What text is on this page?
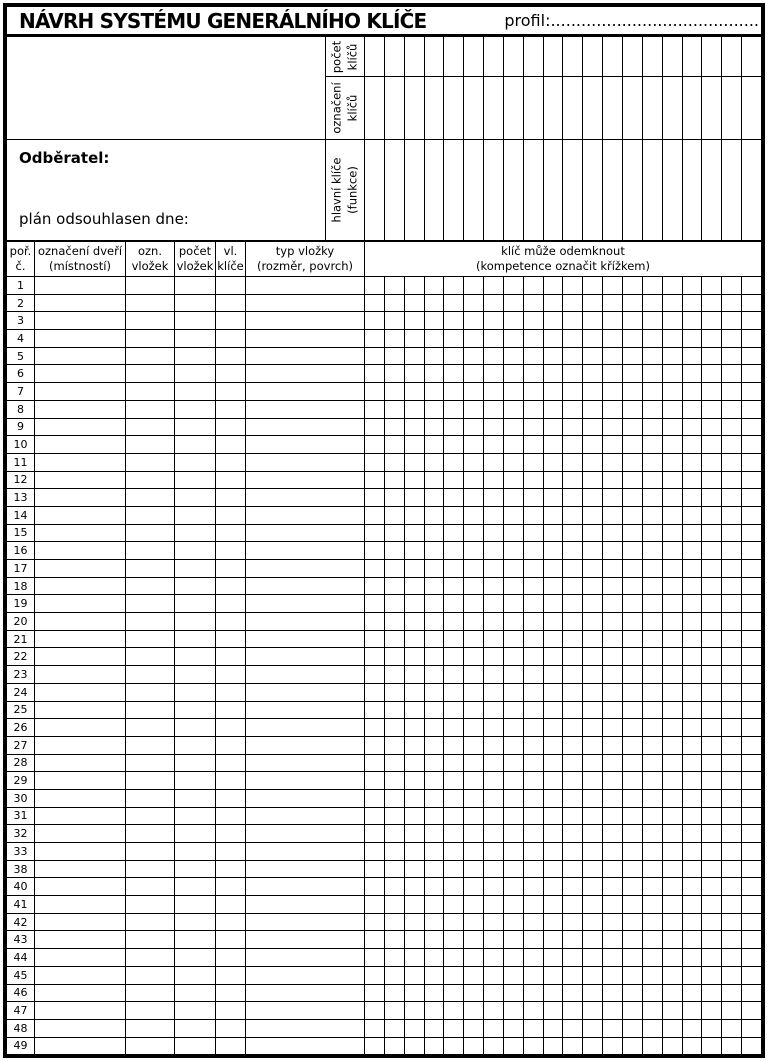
NÁVRH SYSTÉMU GENERÁLNÍHO KLÍČE	profil:.........................................
Odběratel:
plán odsouhlasen dne:
počet klíčů
označení klíčů
hlavní klíče (funkce)
poř.
č.
označení dveří
(místností)
ozn.
vložek
počet
vložek
vl.
klíče
typ vložky
(rozměr, povrch)
klíč může odemknout
(kompetence označit křížkem)
1
2
3
4
5
6
7
8
9
10
11
12
13
14
15
16
17
18
19
20
21
22
23
24
25
26
27
28
29
30
31
32
33
38
40
41
42
43
44
45
46
47
48
49
